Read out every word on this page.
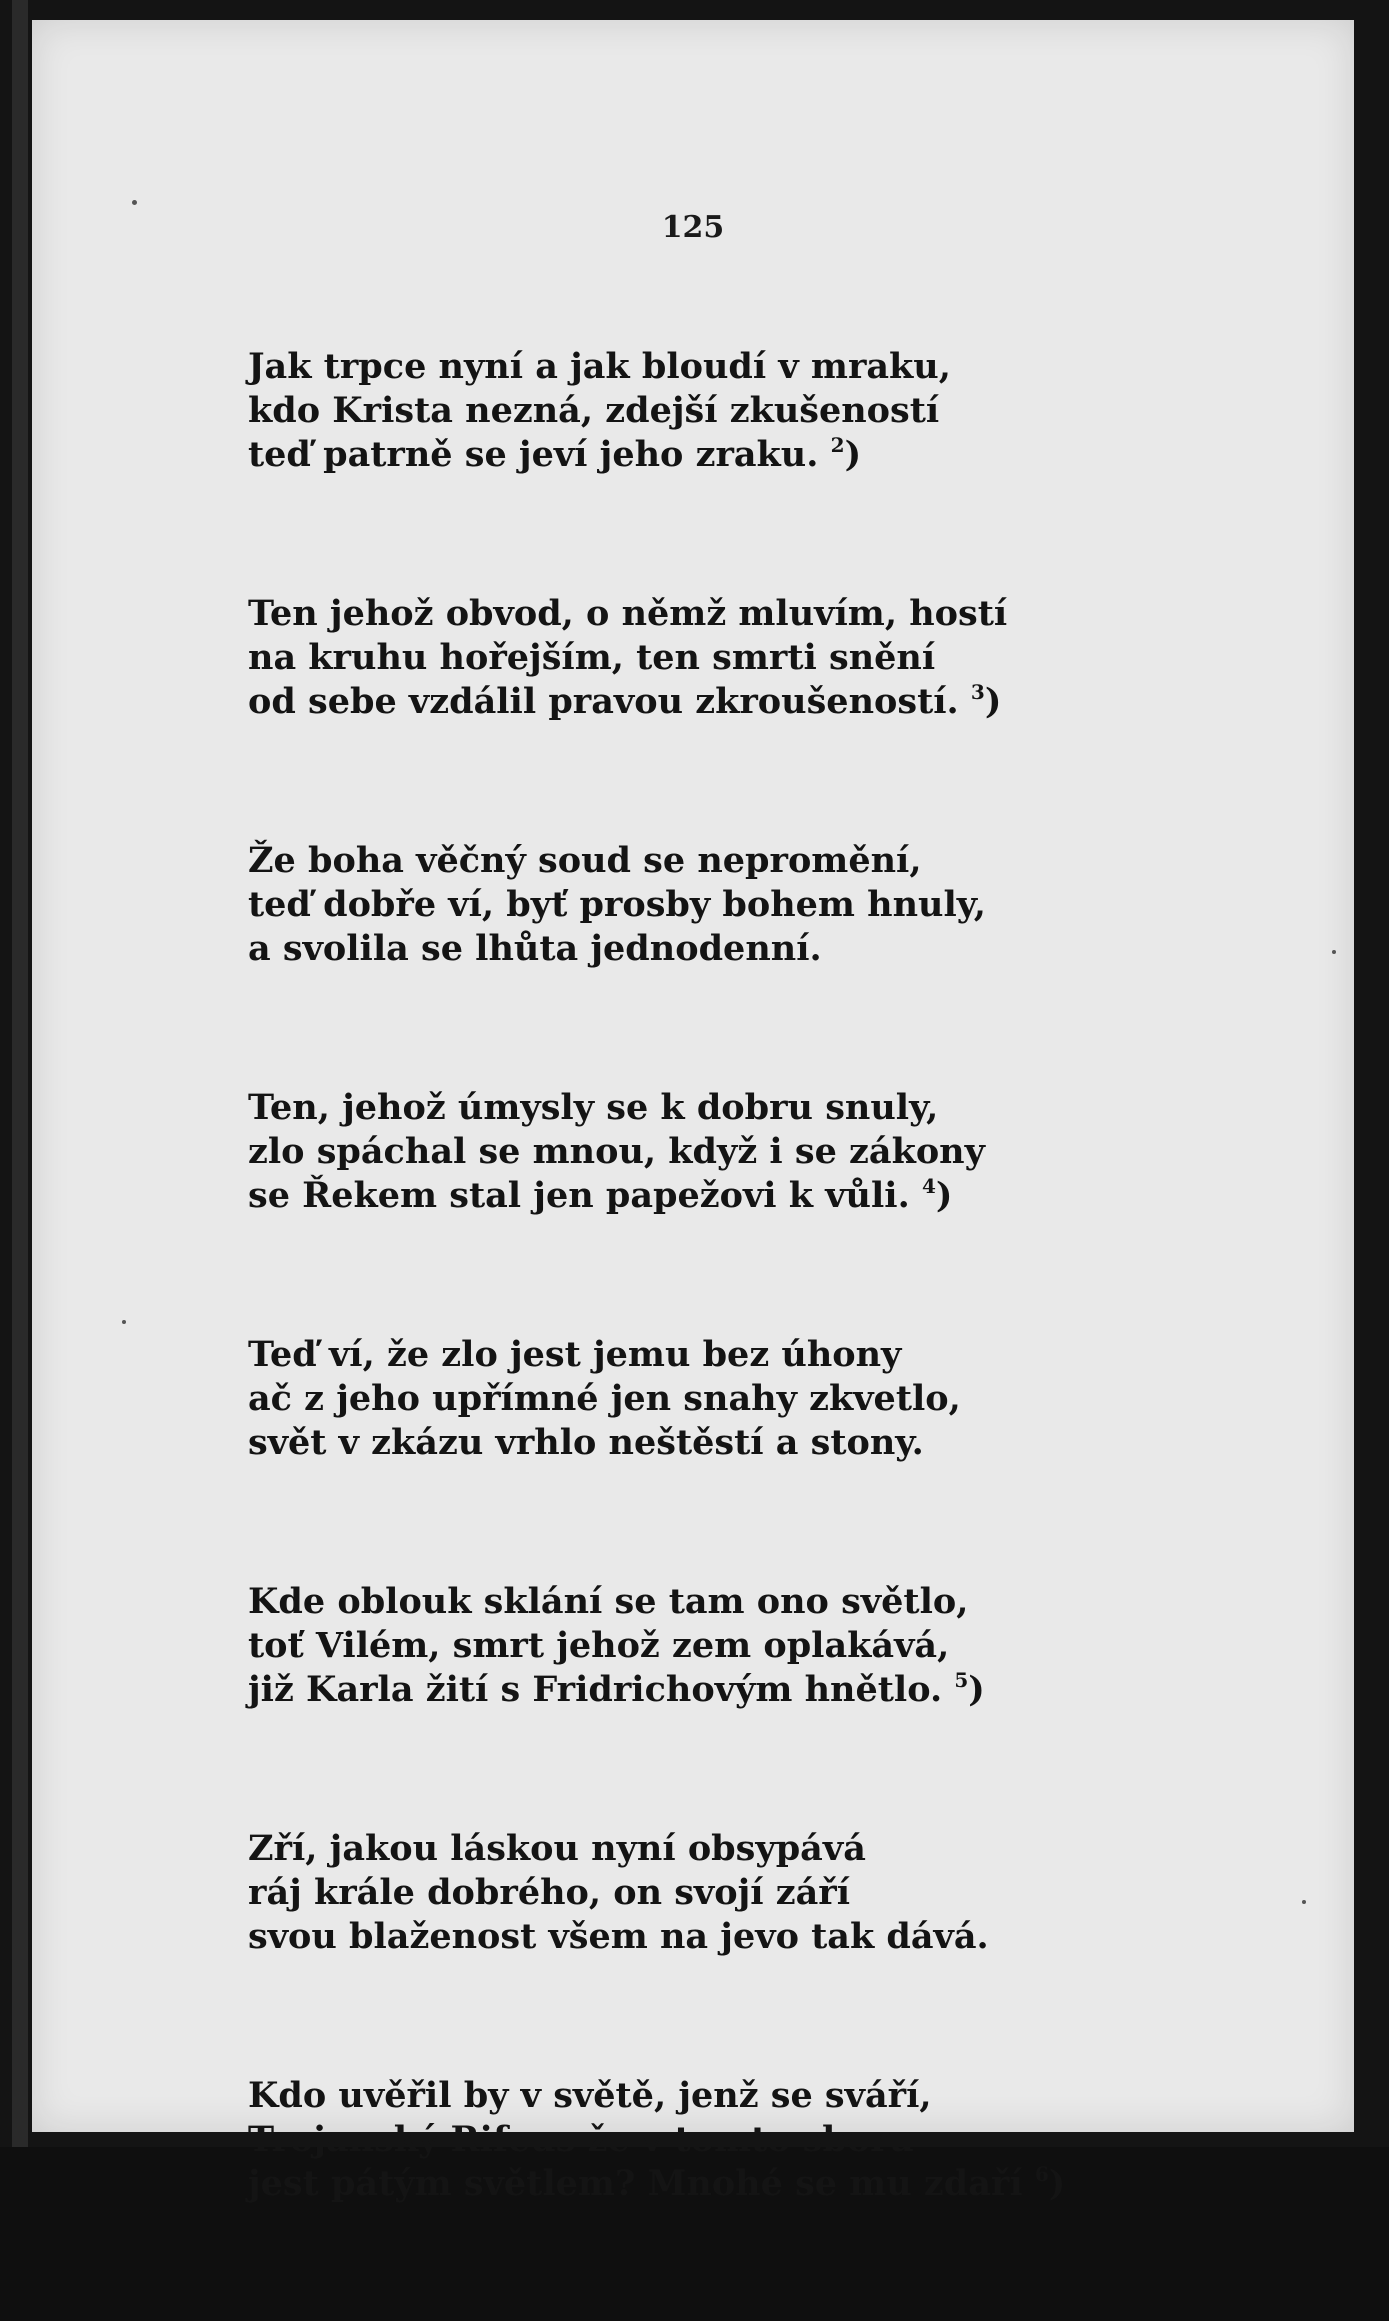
125
Jak trpce nyní a jak bloudí v mraku,
kdo Krista nezná, zdejší zkušeností
teď patrně se jeví jeho zraku. $^2$)
Ten jehož obvod, o němž mluvím, hostí
na kruhu hořejším, ten smrti snění
od sebe vzdálil pravou zkroušeností. $^3$)
Že boha věčný soud se nepromění,
teď dobře ví, byť prosby bohem hnuly,
a svolila se lhůta jednodenní.
Ten, jehož úmysly se k dobru snuly,
zlo spáchal se mnou, když i se zákony
se Řekem stal jen papežovi k vůli. $^4$)
Teď ví, že zlo jest jemu bez úhony
ač z jeho upřímné jen snahy zkvetlo,
svět v zkázu vrhlo neštěstí a stony.
Kde oblouk sklání se tam ono světlo,
toť Vilém, smrt jehož zem oplakává,
již Karla žití s Fridrichovým hnětlo. $^5$)
Zří, jakou láskou nyní obsypává
ráj krále dobrého, on svojí září
svou blaženost všem na jevo tak dává.
Kdo uvěřil by v světě, jenž se sváří,
Trojanský Rifeus že v tomto sboru
jest pátým světlem? Mnohé se mu zdaří $^6$)
